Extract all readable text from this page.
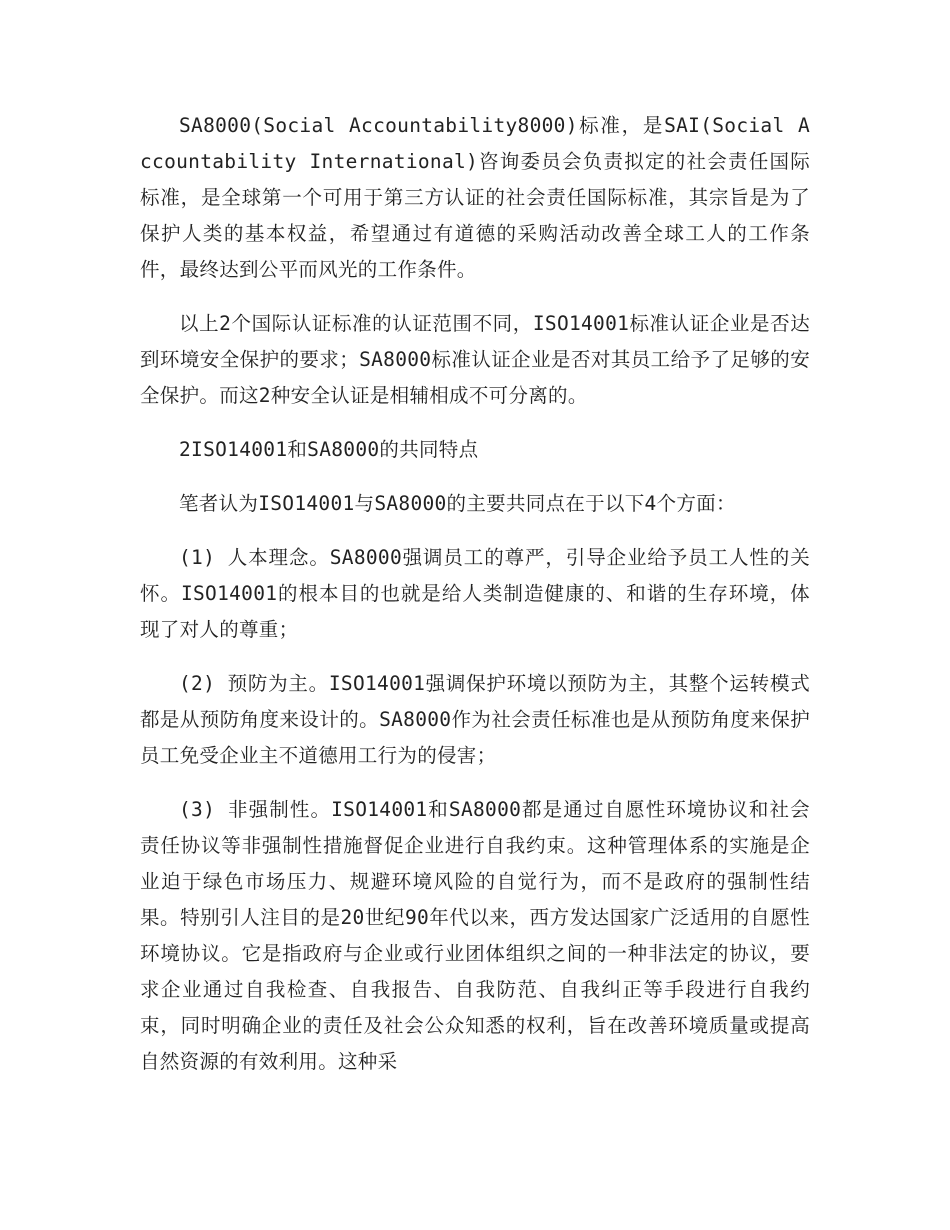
SA8000(Social Accountability8000)标准，是SAI(Social Accountability International)咨询委员会负责拟定的社会责任国际标准，是全球第一个可用于第三方认证的社会责任国际标准，其宗旨是为了保护人类的基本权益，希望通过有道德的采购活动改善全球工人的工作条件，最终达到公平而风光的工作条件。

以上2个国际认证标准的认证范围不同，ISO14001标准认证企业是否达到环境安全保护的要求；SA8000标准认证企业是否对其员工给予了足够的安全保护。而这2种安全认证是相辅相成不可分离的。

2ISO14001和SA8000的共同特点

笔者认为ISO14001与SA8000的主要共同点在于以下4个方面：

(1) 人本理念。SA8000强调员工的尊严，引导企业给予员工人性的关怀。ISO14001的根本目的也就是给人类制造健康的、和谐的生存环境，体现了对人的尊重；

(2) 预防为主。ISO14001强调保护环境以预防为主，其整个运转模式都是从预防角度来设计的。SA8000作为社会责任标准也是从预防角度来保护员工免受企业主不道德用工行为的侵害；

(3) 非强制性。ISO14001和SA8000都是通过自愿性环境协议和社会责任协议等非强制性措施督促企业进行自我约束。这种管理体系的实施是企业迫于绿色市场压力、规避环境风险的自觉行为，而不是政府的强制性结果。特别引人注目的是20世纪90年代以来，西方发达国家广泛适用的自愿性环境协议。它是指政府与企业或行业团体组织之间的一种非法定的协议，要求企业通过自我检查、自我报告、自我防范、自我纠正等手段进行自我约束，同时明确企业的责任及社会公众知悉的权利，旨在改善环境质量或提高自然资源的有效利用。这种采
